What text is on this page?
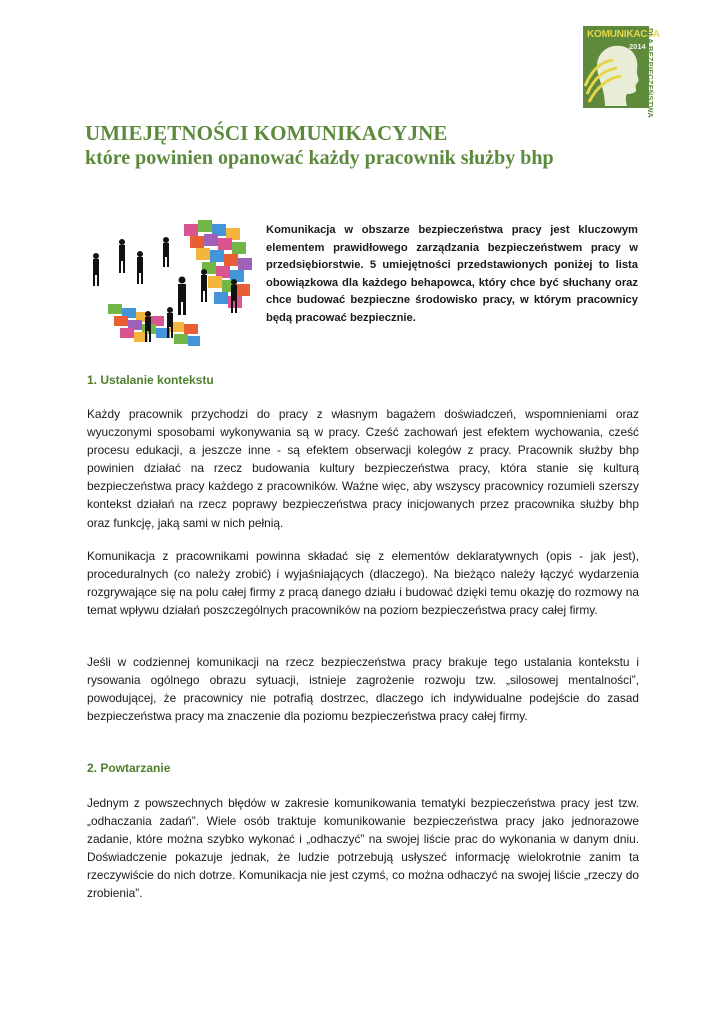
KOMUNIKACJA
2014 DLA BEZPIECZEŃSTWA
UMIEJĘTNOŚCI KOMUNIKACYJNE
które powinien opanować każdy pracownik służby bhp

Komunikacja w obszarze bezpieczeństwa pracy jest kluczowym elementem prawidłowego zarządzania bezpieczeństwem pracy w przedsiębiorstwie. 5 umiejętności przedstawionych poniżej to lista obowiązkowa dla każdego behapowca, który chce być słuchany oraz chce budować bezpieczne środowisko pracy, w którym pracownicy będą pracować bezpiecznie.

1. Ustalanie kontekstu

Każdy pracownik przychodzi do pracy z własnym bagażem doświadczeń, wspomnieniami oraz wyuczonymi sposobami wykonywania są w pracy. Cześć zachowań jest efektem wychowania, cześć procesu edukacji, a jeszcze inne - są efektem obserwacji kolegów z pracy. Pracownik służby bhp powinien działać na rzecz budowania kultury bezpieczeństwa pracy, która stanie się kulturą bezpieczeństwa pracy każdego z pracowników. Ważne więc, aby wszyscy pracownicy rozumieli szerszy kontekst działań na rzecz poprawy bezpieczeństwa pracy inicjowanych przez pracownika służby bhp oraz funkcję, jaką sami w nich pełnią.

Komunikacja z pracownikami powinna składać się z elementów deklaratywnych (opis - jak jest), proceduralnych (co należy zrobić) i wyjaśniających (dlaczego). Na bieżąco należy łączyć wydarzenia rozgrywające się na polu całej firmy z pracą danego działu i budować dzięki temu okazję do rozmowy na temat wpływu działań poszczególnych pracowników na poziom bezpieczeństwa pracy całej firmy.

Jeśli w codziennej komunikacji na rzecz bezpieczeństwa pracy brakuje tego ustalania kontekstu i rysowania ogólnego obrazu sytuacji, istnieje zagrożenie rozwoju tzw. „silosowej mentalności”, powodującej, że pracownicy nie potrafią dostrzec, dlaczego ich indywidualne podejście do zasad bezpieczeństwa pracy ma znaczenie dla poziomu bezpieczeństwa pracy całej firmy.

2. Powtarzanie

Jednym z powszechnych błędów w zakresie komunikowania tematyki bezpieczeństwa pracy jest tzw. „odhaczania zadań”. Wiele osób traktuje komunikowanie bezpieczeństwa pracy jako jednorazowe zadanie, które można szybko wykonać i „odhaczyć” na swojej liście prac do wykonania w danym dniu. Doświadczenie pokazuje jednak, że ludzie potrzebują usłyszeć informację wielokrotnie zanim ta rzeczywiście do nich dotrze. Komunikacja nie jest czymś, co można odhaczyć na swojej liście „rzeczy do zrobienia”.
